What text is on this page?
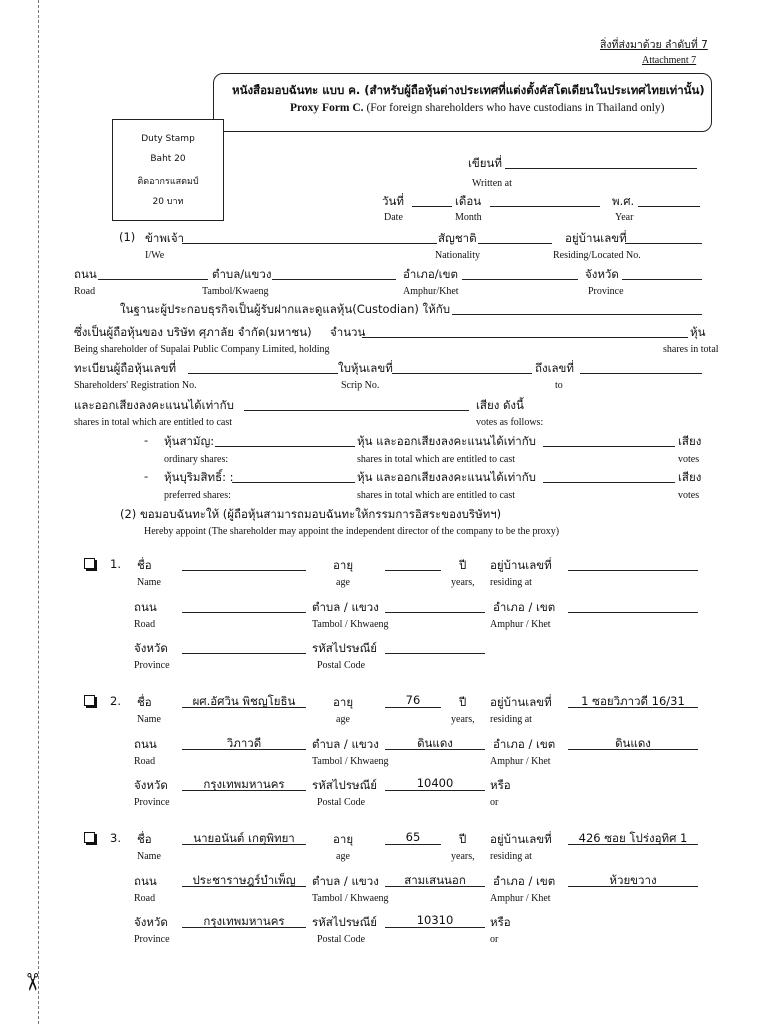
✂
สิ่งที่ส่งมาด้วย ลำดับที่ 7
Attachment 7
หนังสือมอบฉันทะ แบบ ค. (สำหรับผู้ถือหุ้นต่างประเทศที่แต่งตั้งคัสโตเดียนในประเทศไทยเท่านั้น)
Proxy Form C. (For foreign shareholders who have custodians in Thailand only)
Duty Stamp
Baht 20
ติดอากรแสตมป์
20 บาท
เขียนที่
Written at
วันที่	เดือน	พ.ศ.
Date	Month	Year
(1) ข้าพเจ้า	สัญชาติ	อยู่บ้านเลขที่
I/We	Nationality	Residing/Located No.
ถนน	ตำบล/แขวง	อำเภอ/เขต	จังหวัด
Road	Tambol/Kwaeng	Amphur/Khet	Province
ในฐานะผู้ประกอบธุรกิจเป็นผู้รับฝากและดูแลหุ้น(Custodian) ให้กับ
ซึ่งเป็นผู้ถือหุ้นของ บริษัท ศุภาลัย จำกัด(มหาชน) จำนวน	หุ้น
Being shareholder of Supalai Public Company Limited, holding	shares in total
ทะเบียนผู้ถือหุ้นเลขที่	ใบหุ้นเลขที่	ถึงเลขที่
Shareholders' Registration No.	Scrip No.	to
และออกเสียงลงคะแนนได้เท่ากับ	เสียง ดังนี้
shares in total which are entitled to cast	votes as follows:
- หุ้นสามัญ:	หุ้น และออกเสียงลงคะแนนได้เท่ากับ	เสียง
ordinary shares:	shares in total which are entitled to cast	votes
- หุ้นบุริมสิทธิ์: :	หุ้น และออกเสียงลงคะแนนได้เท่ากับ	เสียง
preferred shares:	shares in total which are entitled to cast	votes
(2) ขอมอบฉันทะให้ (ผู้ถือหุ้นสามารถมอบฉันทะให้กรรมการอิสระของบริษัทฯ)
Hereby appoint (The shareholder may appoint the independent director of the company to be the proxy)
1. ชื่อ	อายุ	ปี อยู่บ้านเลขที่
Name	age	years, residing at
ถนน	ตำบล / แขวง	อำเภอ / เขต
Road	Tambol / Khwaeng	Amphur / Khet
จังหวัด	รหัสไปรษณีย์
Province	Postal Code
2. ชื่อ	ผศ.อัศวิน พิชญโยธิน	อายุ	76	ปี อยู่บ้านเลขที่	1 ซอยวิภาวดี 16/31
Name	age	years, residing at
ถนน	วิภาวดี	ตำบล / แขวง	ดินแดง	อำเภอ / เขต	ดินแดง
Road	Tambol / Khwaeng	Amphur / Khet
จังหวัด	กรุงเทพมหานคร	รหัสไปรษณีย์	10400
Province	Postal Code
หรือ
or
3. ชื่อ	นายอนันต์ เกตุพิทยา	อายุ	65	ปี อยู่บ้านเลขที่	426 ซอย โปร่งอุทิศ 1
Name	age	years, residing at
ถนน	ประชาราษฎร์บำเพ็ญ	ตำบล / แขวง	สามเสนนอก	อำเภอ / เขต	ห้วยขวาง
Road	Tambol / Khwaeng	Amphur / Khet
จังหวัด	กรุงเทพมหานคร	รหัสไปรษณีย์	10310
Province	Postal Code
หรือ
or
